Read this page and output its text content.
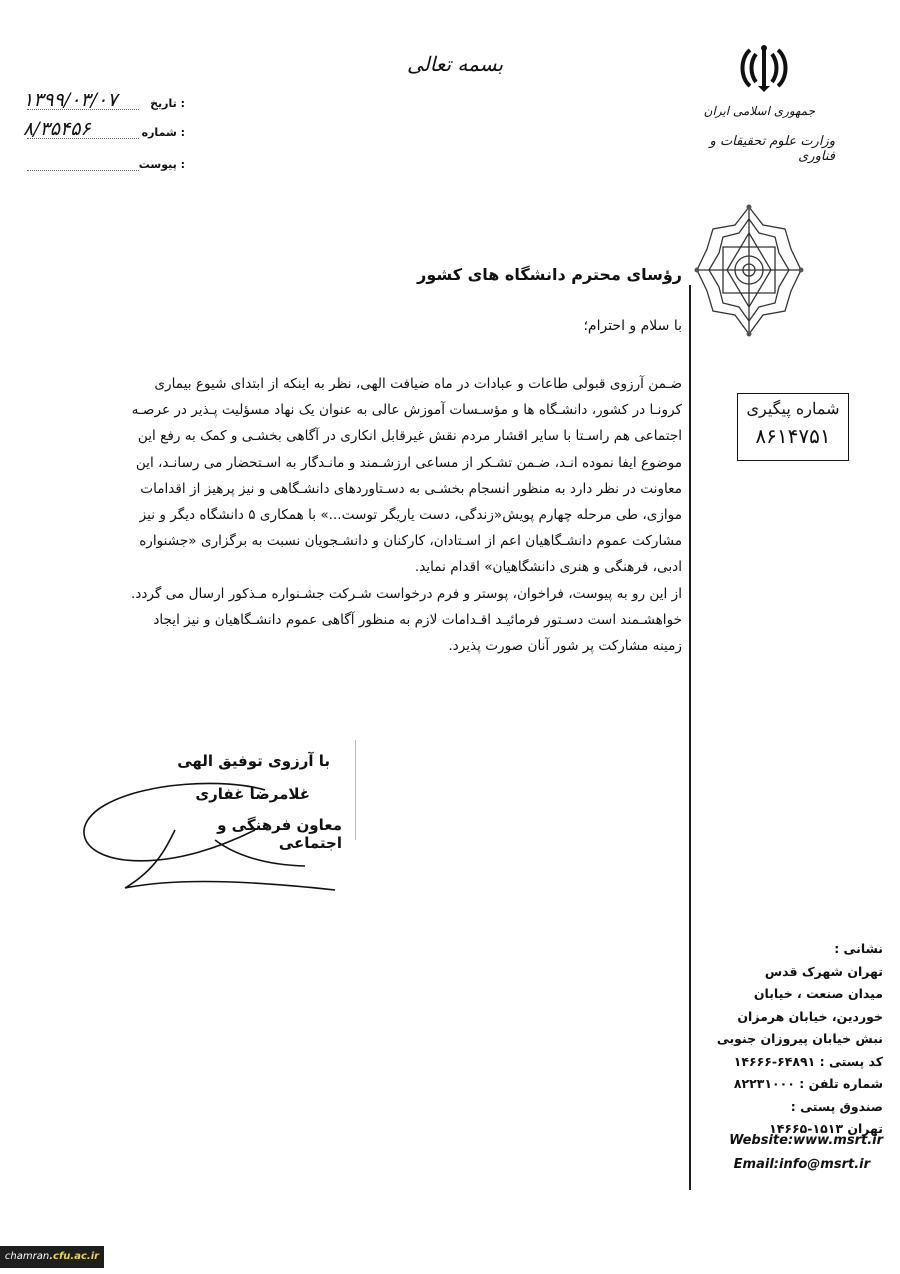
بسمه تعالی
جمهوری اسلامی ایران
وزارت علوم تحقیقات و فناوری
تاریخ :
۱۳۹۹/۰۳/۰۷
شماره :
۸/۳۵۴۵۶
پیوست :
شماره پیگیری
۸۶۱۴۷۵۱
رؤسای محترم دانشگاه های کشور
با سلام و احترام؛
ضـمن آرزوی قبولی طاعات و عبادات در ماه ضیافت الهی، نظر به اینکه از ابتدای شیوع بیماری
کرونـا در کشور، دانشـگاه ها و مؤسـسات آموزش عالی به عنوان یک نهاد مسؤلیت پـذیر در عرصـه
اجتماعی هم راسـتا با سایر اقشار مردم نقش غیرقابل انکاری در آگاهی بخشـی و کمک به رفع این
موضوع ایفا نموده انـد، ضـمن تشـکر از مساعی ارزشـمند و مانـدگار به اسـتحضار می رسانـد، این
معاونت در نظر دارد به منظور انسجام بخشـی به دسـتاوردهای دانشـگاهی و نیز پرهیز از اقدامات
موازی، طی مرحله چهارم پویش«زندگی، دست یاریگر توست...» با همکاری ۵ دانشگاه دیگر و نیز
مشارکت عموم دانشـگاهیان اعم از اسـتادان، کارکنان و دانشـجویان نسبت به برگزاری «جشنواره
ادبی، فرهنگی و هنری دانشگاهیان» اقدام نماید.
از این رو به پیوست، فراخوان، پوستر و فرم درخواست شـرکت جشـنواره مـذکور ارسال می گردد.
خواهشـمند است دسـتور فرمائیـد اقـدامات لازم به منظور آگاهی عموم دانشـگاهیان و نیز ایجاد
زمینه مشارکت پر شور آنان صورت پذیرد.
با آرزوی توفیق الهی
غلامرضا غفاری
معاون فرهنگی و اجتماعی
نشانی :
تهران شهرک قدس
میدان صنعت ، خیابان
خوردین، خیابان هرمزان
نبش خیابان پیروزان جنوبی
کد پستی : ۶۴۸۹۱-۱۴۶۶۶
شماره تلفن : ۸۲۲۳۱۰۰۰
صندوق پستی :
تهران ۱۵۱۳-۱۴۶۶۵
Website:www.msrt.ir
Email:info@msrt.ir
chamran.cfu.ac.ir
